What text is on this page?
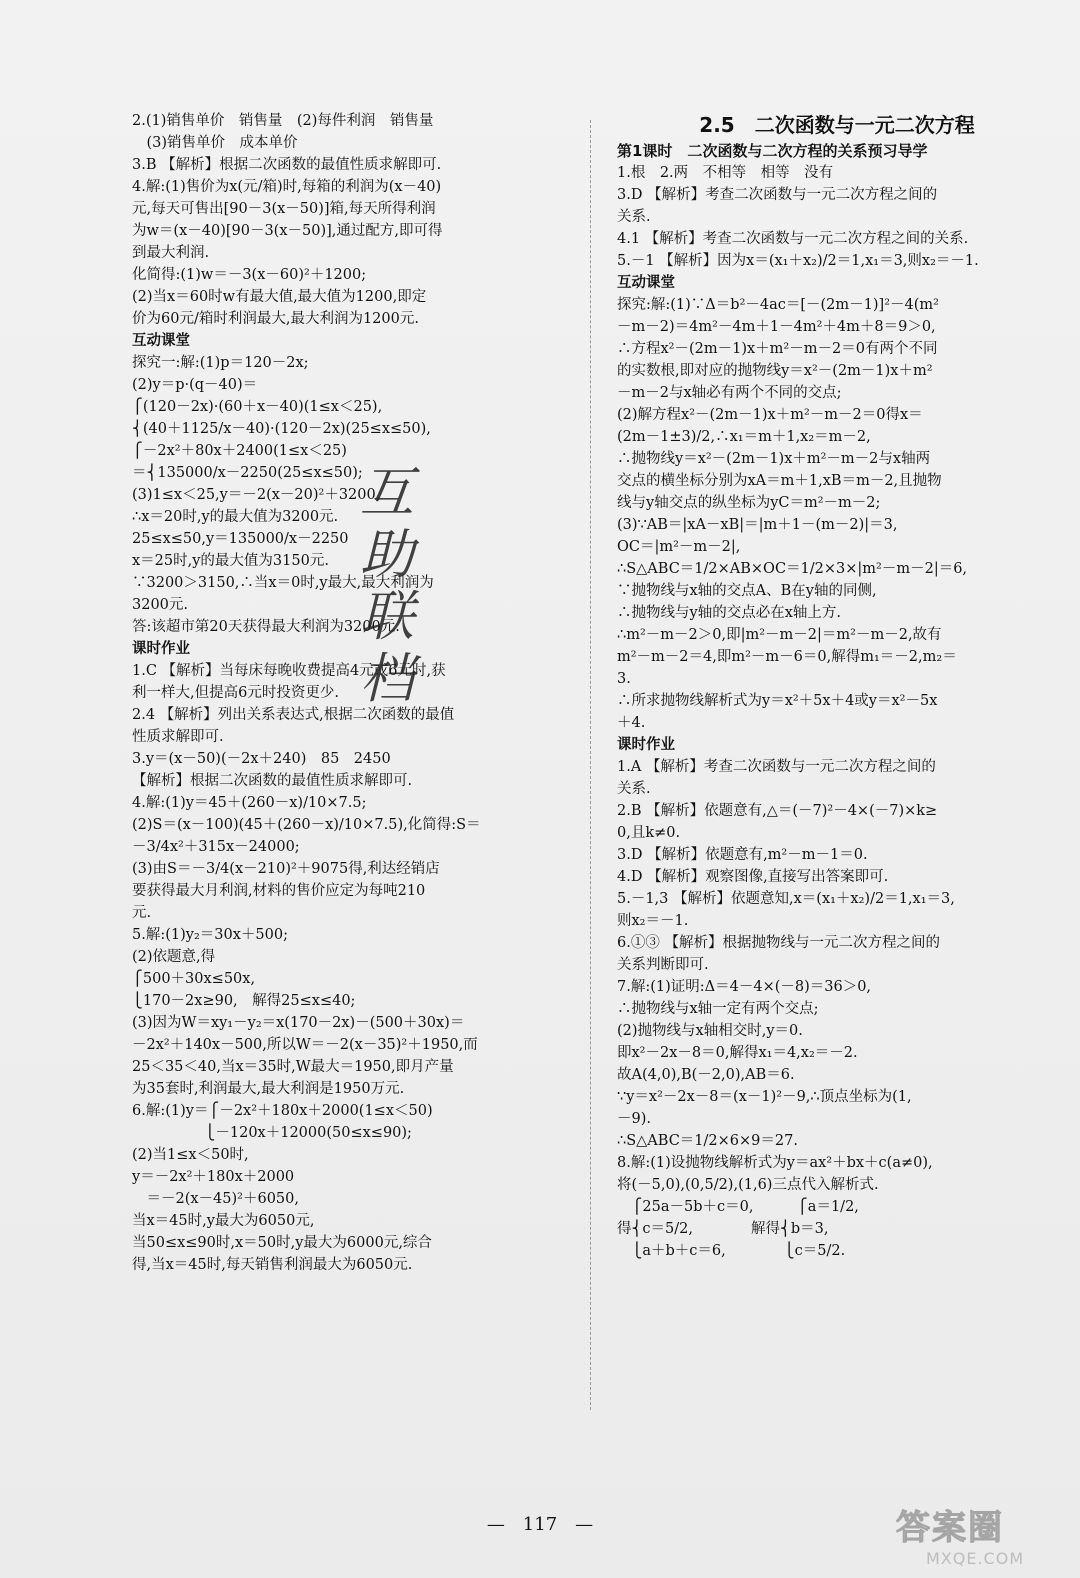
2.(1)销售单价　销售量　(2)每件利润　销售量
　(3)销售单价　成本单价
3.B 【解析】根据二次函数的最值性质求解即可.
4.解:(1)售价为x(元/箱)时,每箱的利润为(x－40)
元,每天可售出[90－3(x－50)]箱,每天所得利润
为w＝(x－40)[90－3(x－50)],通过配方,即可得
到最大利润.
化简得:(1)w＝－3(x－60)²＋1200;
(2)当x＝60时w有最大值,最大值为1200,即定
价为60元/箱时利润最大,最大利润为1200元.
互动课堂
探究一:解:(1)p＝120－2x;
(2)y＝p·(q－40)＝
⎧(120－2x)·(60＋x－40)(1≤x＜25),
⎨(40＋1125/x－40)·(120－2x)(25≤x≤50),
⎧－2x²＋80x＋2400(1≤x＜25)
＝⎨135000/x－2250(25≤x≤50);
(3)1≤x＜25,y＝－2(x－20)²＋3200,
∴x＝20时,y的最大值为3200元.
25≤x≤50,y＝135000/x－2250
x＝25时,y的最大值为3150元.
∵3200＞3150,∴当x＝0时,y最大,最大利润为
3200元.
答:该超市第20天获得最大利润为3200元.
课时作业
1.C 【解析】当每床每晚收费提高4元或6元时,获
利一样大,但提高6元时投资更少.
2.4 【解析】列出关系表达式,根据二次函数的最值
性质求解即可.
3.y＝(x－50)(－2x＋240)　85　2450
【解析】根据二次函数的最值性质求解即可.
4.解:(1)y＝45＋(260－x)/10×7.5;
(2)S＝(x－100)(45＋(260－x)/10×7.5),化简得:S＝
－3/4x²＋315x－24000;
(3)由S＝－3/4(x－210)²＋9075得,利达经销店
要获得最大月利润,材料的售价应定为每吨210
元.
5.解:(1)y₂＝30x＋500;
(2)依题意,得
⎧500＋30x≤50x,
⎩170－2x≥90,　解得25≤x≤40;
(3)因为W＝xy₁－y₂＝x(170－2x)－(500＋30x)＝
－2x²＋140x－500,所以W＝－2(x－35)²＋1950,而
25＜35＜40,当x＝35时,W最大＝1950,即月产量
为35套时,利润最大,最大利润是1950万元.
6.解:(1)y＝⎧－2x²＋180x＋2000(1≤x＜50)
　　　　　⎩－120x＋12000(50≤x≤90);
(2)当1≤x＜50时,
y＝－2x²＋180x＋2000
　＝－2(x－45)²＋6050,
当x＝45时,y最大为6050元,
当50≤x≤90时,x＝50时,y最大为6000元,综合
得,当x＝45时,每天销售利润最大为6050元.
2.5　二次函数与一元二次方程
第1课时　二次函数与二次方程的关系预习导学
1.根　2.两　不相等　相等　没有
3.D 【解析】考查二次函数与一元二次方程之间的
关系.
4.1 【解析】考查二次函数与一元二次方程之间的关系.
5.－1 【解析】因为x＝(x₁＋x₂)/2＝1,x₁＝3,则x₂＝－1.
互动课堂
探究:解:(1)∵Δ＝b²－4ac＝[－(2m－1)]²－4(m²
－m－2)＝4m²－4m＋1－4m²＋4m＋8＝9＞0,
∴方程x²－(2m－1)x＋m²－m－2＝0有两个不同
的实数根,即对应的抛物线y＝x²－(2m－1)x＋m²
－m－2与x轴必有两个不同的交点;
(2)解方程x²－(2m－1)x＋m²－m－2＝0得x＝
(2m－1±3)/2,∴x₁＝m＋1,x₂＝m－2,
∴抛物线y＝x²－(2m－1)x＋m²－m－2与x轴两
交点的横坐标分别为xA＝m＋1,xB＝m－2,且抛物
线与y轴交点的纵坐标为yC＝m²－m－2;
(3)∵AB＝|xA－xB|＝|m＋1－(m－2)|＝3,
OC＝|m²－m－2|,
∴S△ABC＝1/2×AB×OC＝1/2×3×|m²－m－2|＝6,
∵抛物线与x轴的交点A、B在y轴的同侧,
∴抛物线与y轴的交点必在x轴上方.
∴m²－m－2＞0,即|m²－m－2|＝m²－m－2,故有
m²－m－2＝4,即m²－m－6＝0,解得m₁＝－2,m₂＝
3.
∴所求抛物线解析式为y＝x²＋5x＋4或y＝x²－5x
＋4.
课时作业
1.A 【解析】考查二次函数与一元二次方程之间的
关系.
2.B 【解析】依题意有,△＝(－7)²－4×(－7)×k≥
0,且k≠0.
3.D 【解析】依题意有,m²－m－1＝0.
4.D 【解析】观察图像,直接写出答案即可.
5.－1,3 【解析】依题意知,x＝(x₁＋x₂)/2＝1,x₁＝3,
则x₂＝－1.
6.①③ 【解析】根据抛物线与一元二次方程之间的
关系判断即可.
7.解:(1)证明:Δ＝4－4×(－8)＝36＞0,
∴抛物线与x轴一定有两个交点;
(2)抛物线与x轴相交时,y＝0.
即x²－2x－8＝0,解得x₁＝4,x₂＝－2.
故A(4,0),B(－2,0),AB＝6.
∵y＝x²－2x－8＝(x－1)²－9,∴顶点坐标为(1,
－9).
∴S△ABC＝1/2×6×9＝27.
8.解:(1)设抛物线解析式为y＝ax²＋bx＋c(a≠0),
将(－5,0),(0,5/2),(1,6)三点代入解析式.
　⎧25a－5b＋c＝0,　　　⎧a＝1/2,
得⎨c＝5/2,　　　　解得⎨b＝3,
　⎩a＋b＋c＝6,　　　　⎩c＝5/2.
互
助
联
档
—　117　—	答案圈
MXQE.COM
